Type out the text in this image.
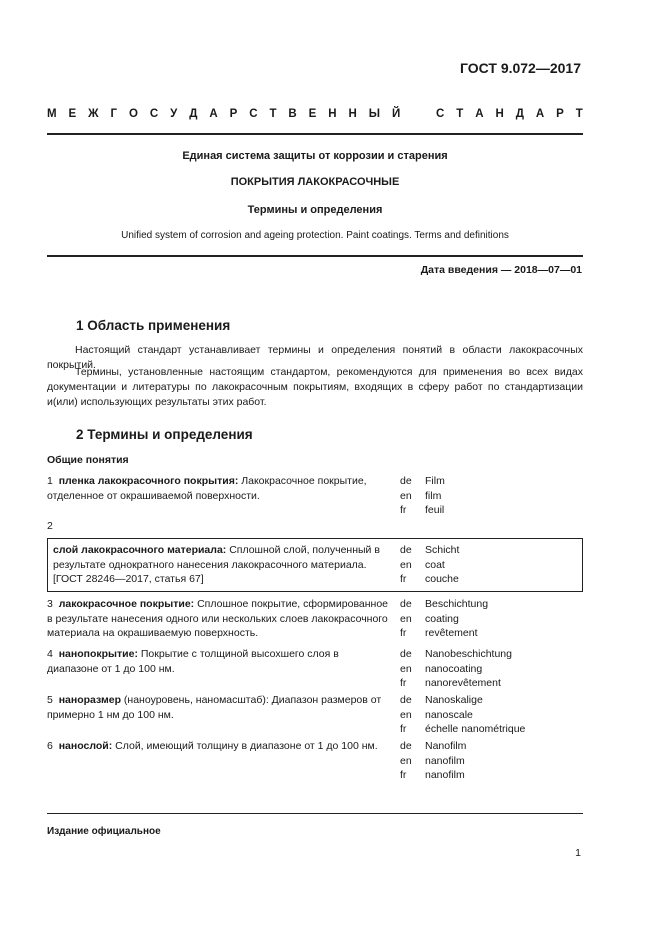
ГОСТ 9.072—2017
М Е Ж Г О С У Д А Р С Т В Е Н Н Ы Й	С Т А Н Д А Р Т
Единая система защиты от коррозии и старения
ПОКРЫТИЯ ЛАКОКРАСОЧНЫЕ
Термины и определения
Unified system of corrosion and ageing protection. Paint coatings. Terms and definitions
Дата введения — 2018—07—01
1 Область применения
Настоящий стандарт устанавливает термины и определения понятий в области лакокрасочных покрытий.
Термины, установленные настоящим стандартом, рекомендуются для применения во всех видах документации и литературы по лакокрасочным покрытиям, входящих в сферу работ по стандартизации и(или) использующих результаты этих работ.
2 Термины и определения
Общие понятия
1 пленка лакокрасочного покрытия: Лакокрасочное покрытие, отделенное от окрашиваемой поверхности.
de
en
fr
Film
film
feuil
2
слой лакокрасочного материала: Сплошной слой, полученный в результате однократного нанесения лакокрасочного материала. [ГОСТ 28246—2017, статья 67]
de
en
fr
Schicht
coat
couche
3 лакокрасочное покрытие: Сплошное покрытие, сформированное в результате нанесения одного или нескольких слоев лакокрасочного материала на окрашиваемую поверхность.
de
en
fr
Beschichtung
coating
revêtement
4 нанопокрытие: Покрытие с толщиной высохшего слоя в диапазоне от 1 до 100 нм.
de
en
fr
Nanobeschichtung
nanocoating
nanorevêtement
5 наноразмер (наноуровень, наномасштаб): Диапазон размеров от примерно 1 нм до 100 нм.
de
en
fr
Nanoskalige
nanoscale
échelle nanométrique
6 нанослой: Слой, имеющий толщину в диапазоне от 1 до 100 нм.	de
en
fr
Nanofilm
nanofilm
nanofilm
Издание официальное
1
